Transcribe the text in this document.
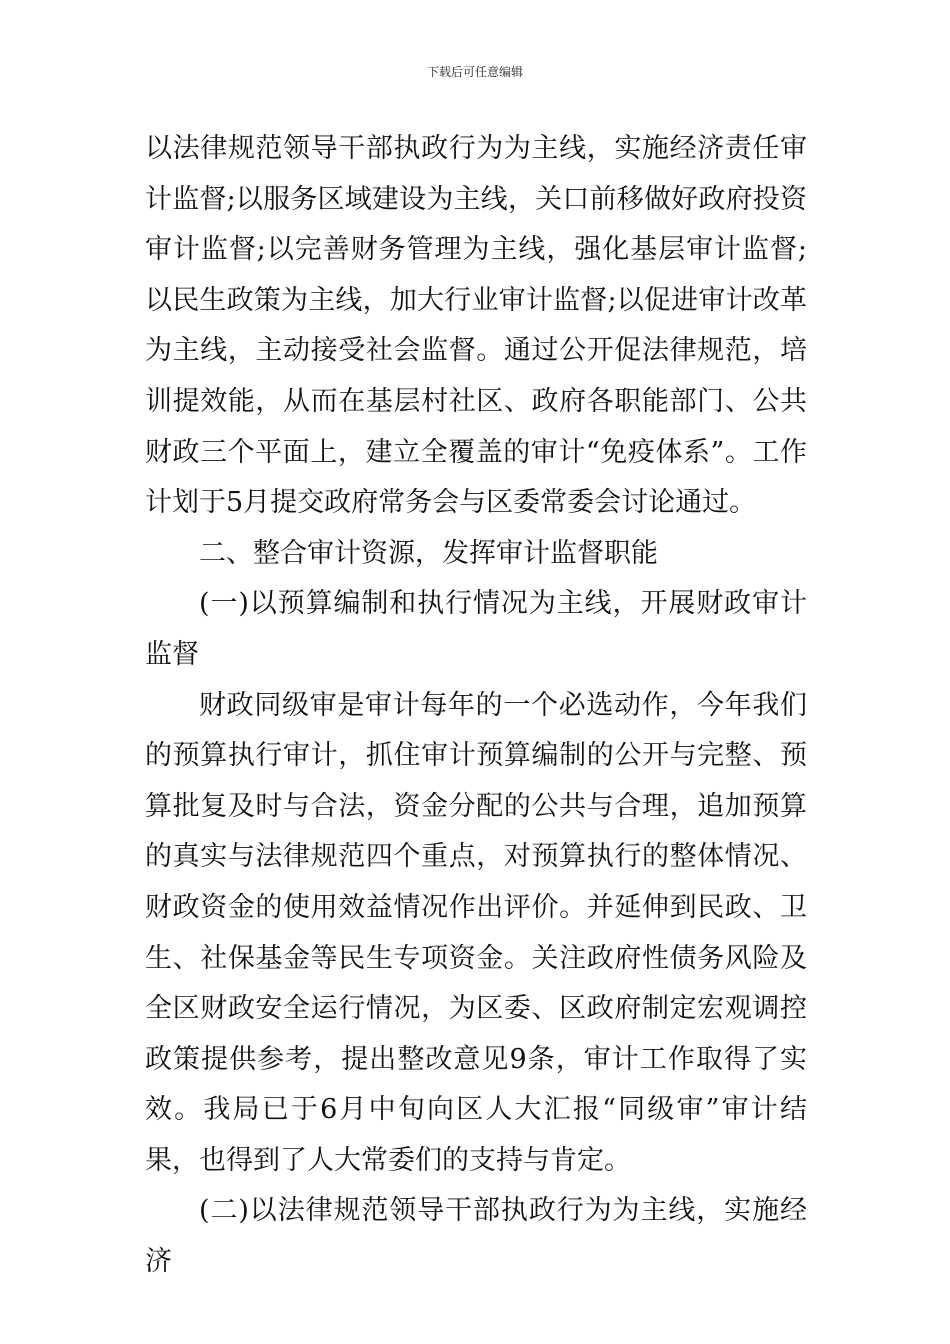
下载后可任意编辑

以法律规范领导干部执政行为为主线，实施经济责任审计监督;以服务区域建设为主线，关口前移做好政府投资审计监督;以完善财务管理为主线，强化基层审计监督;以民生政策为主线，加大行业审计监督;以促进审计改革为主线，主动接受社会监督。通过公开促法律规范，培训提效能，从而在基层村社区、政府各职能部门、公共财政三个平面上，建立全覆盖的审计“免疫体系”。工作计划于5月提交政府常务会与区委常委会讨论通过。

二、整合审计资源，发挥审计监督职能

(一)以预算编制和执行情况为主线，开展财政审计监督

财政同级审是审计每年的一个必选动作，今年我们的预算执行审计，抓住审计预算编制的公开与完整、预算批复及时与合法，资金分配的公共与合理，追加预算的真实与法律规范四个重点，对预算执行的整体情况、财政资金的使用效益情况作出评价。并延伸到民政、卫生、社保基金等民生专项资金。关注政府性债务风险及全区财政安全运行情况，为区委、区政府制定宏观调控政策提供参考，提出整改意见9条，审计工作取得了实效。我局已于6月中旬向区人大汇报“同级审”审计结果，也得到了人大常委们的支持与肯定。

(二)以法律规范领导干部执政行为为主线，实施经济
